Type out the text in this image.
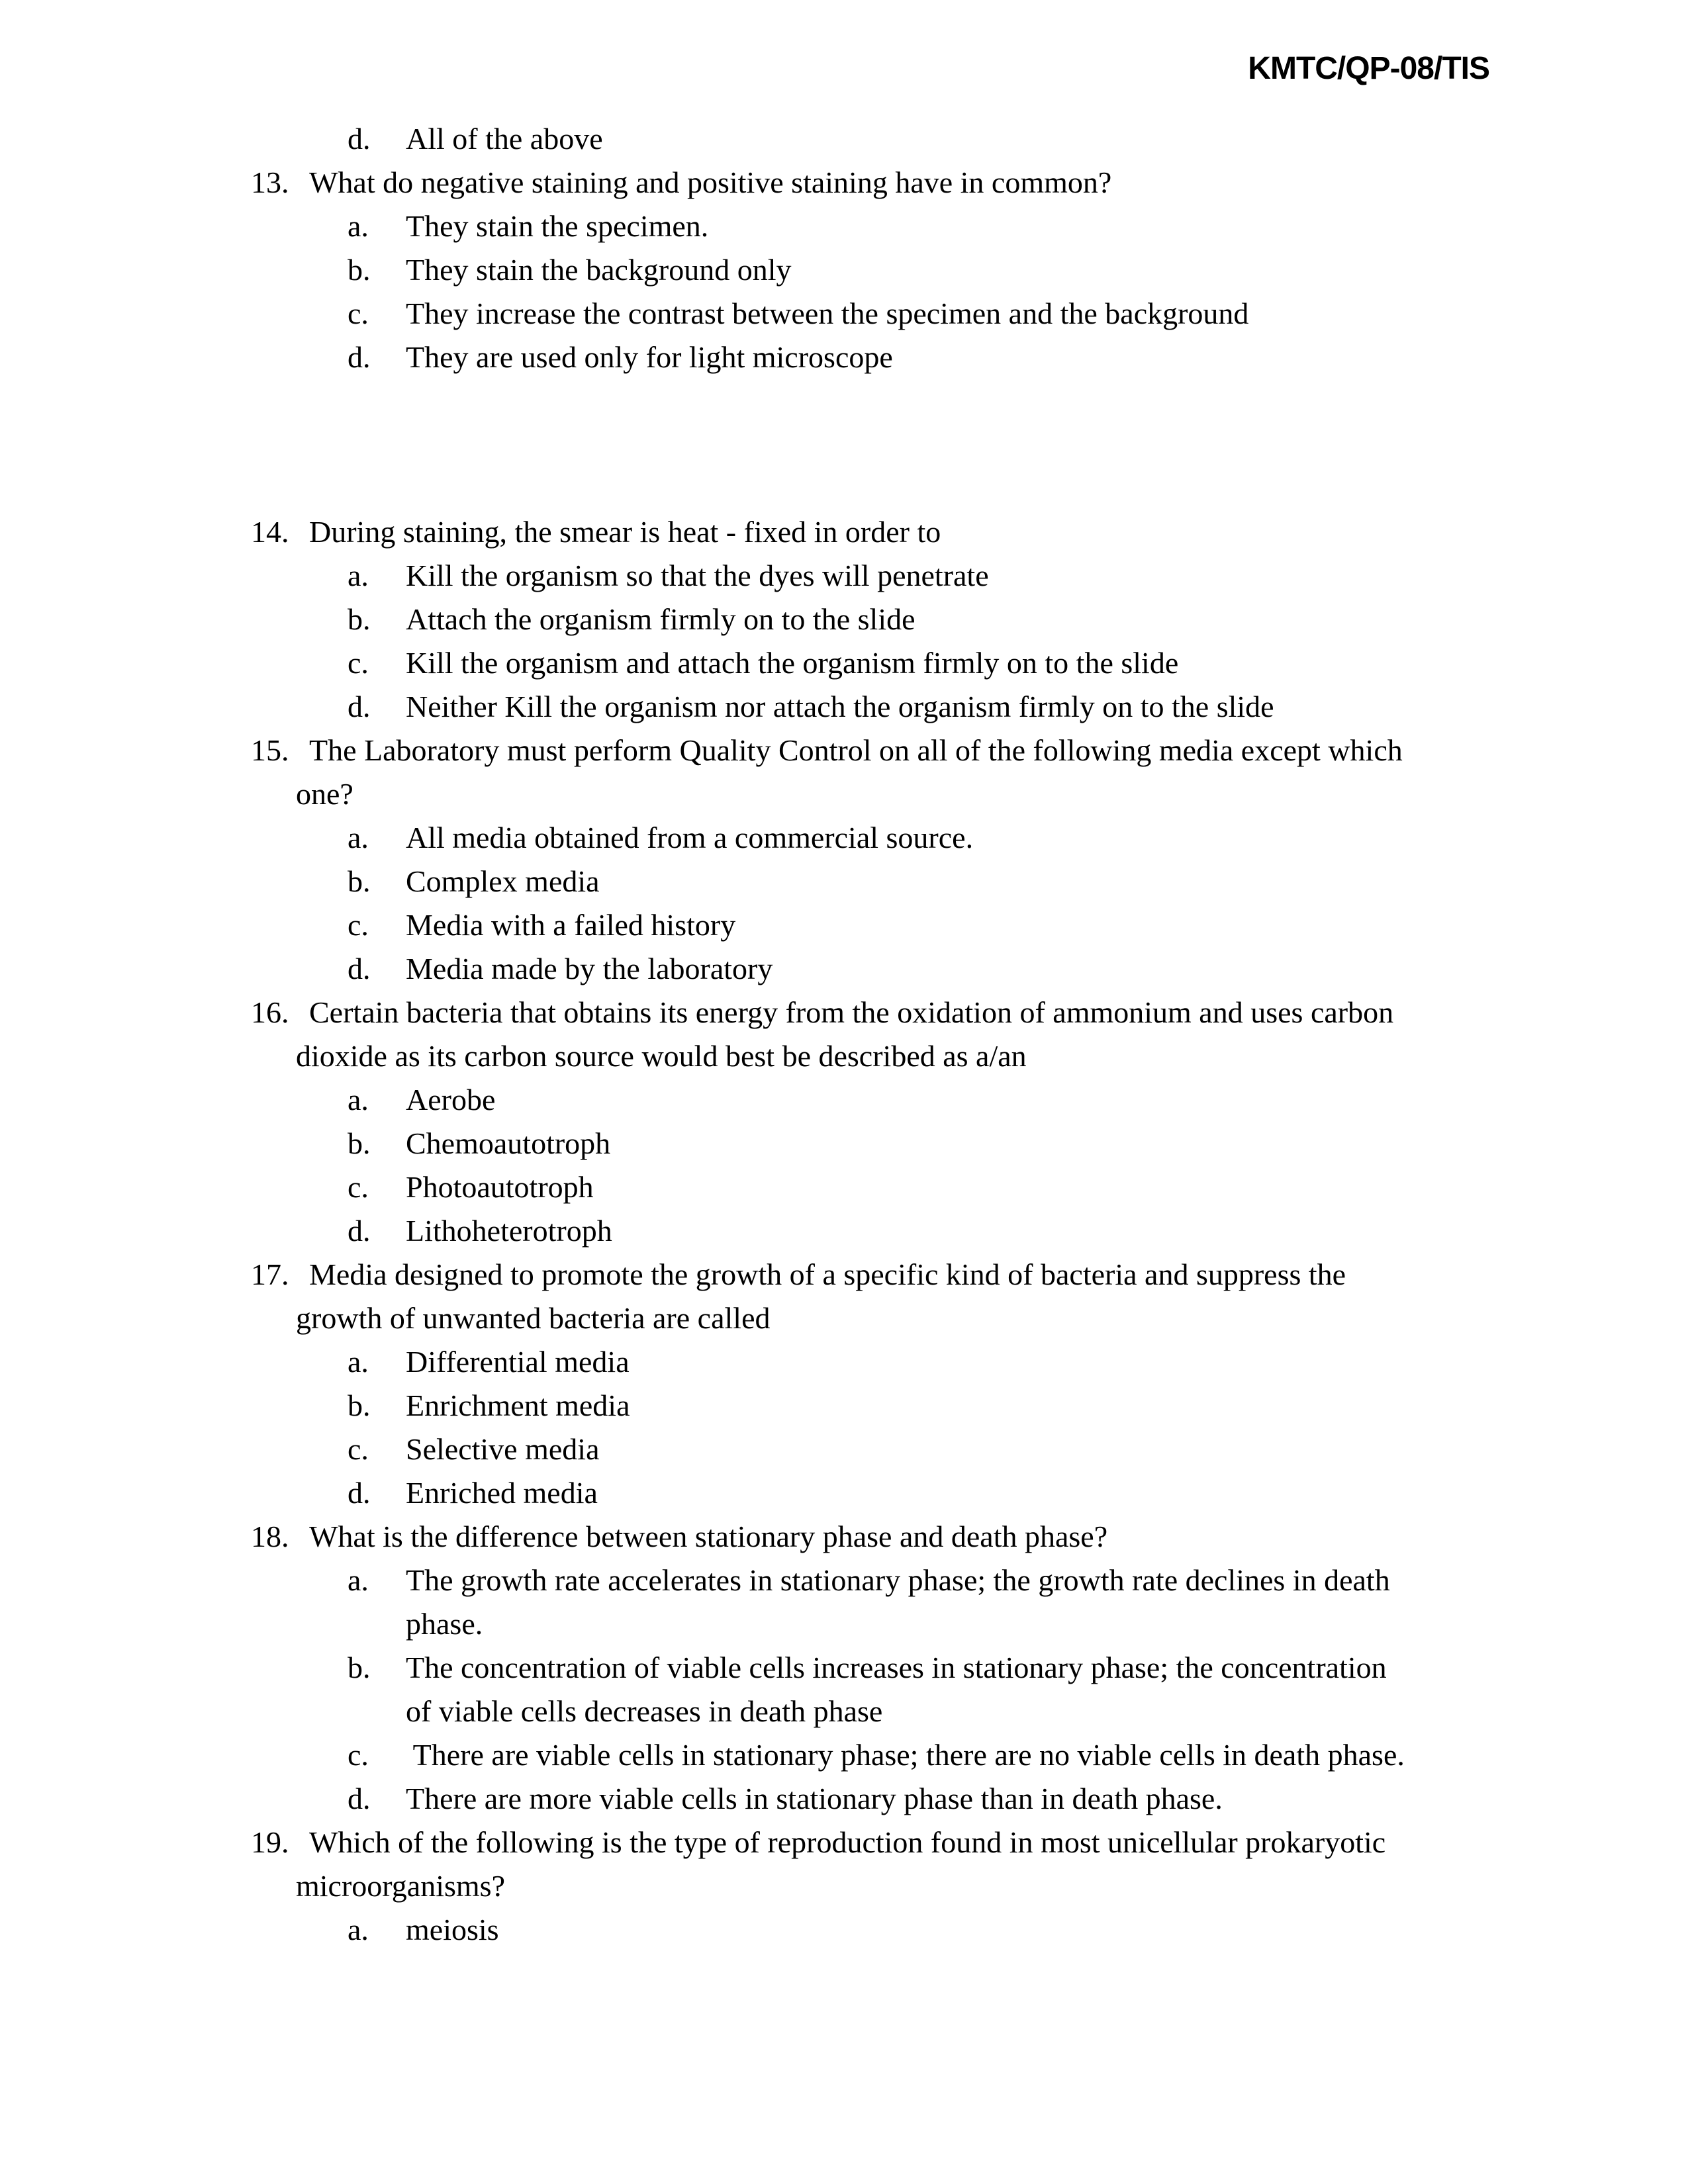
KMTC/QP-08/TIS
d. All of the above
13. What do negative staining and positive staining have in common?
a. They stain the specimen.
b. They stain the background only
c. They increase the contrast between the specimen and the background
d. They are used only for light microscope
14. During staining, the smear is heat - fixed in order to
a. Kill the organism so that the dyes will penetrate
b. Attach the organism firmly on to the slide
c. Kill the organism and attach the organism firmly on to the slide
d. Neither Kill the organism nor attach the organism firmly on to the slide
15. The Laboratory must perform Quality Control on all of the following media except which
one?
a. All media obtained from a commercial source.
b. Complex media
c. Media with a failed history
d. Media made by the laboratory
16. Certain bacteria that obtains its energy from the oxidation of ammonium and uses carbon
dioxide as its carbon source would best be described as a/an
a. Aerobe
b. Chemoautotroph
c. Photoautotroph
d. Lithoheterotroph
17. Media designed to promote the growth of a specific kind of bacteria and suppress the
growth of unwanted bacteria are called
a. Differential media
b. Enrichment media
c. Selective media
d. Enriched media
18. What is the difference between stationary phase and death phase?
a. The growth rate accelerates in stationary phase; the growth rate declines in death
phase.
b. The concentration of viable cells increases in stationary phase; the concentration
of viable cells decreases in death phase
c. There are viable cells in stationary phase; there are no viable cells in death phase.
d. There are more viable cells in stationary phase than in death phase.
19. Which of the following is the type of reproduction found in most unicellular prokaryotic
microorganisms?
a. meiosis
